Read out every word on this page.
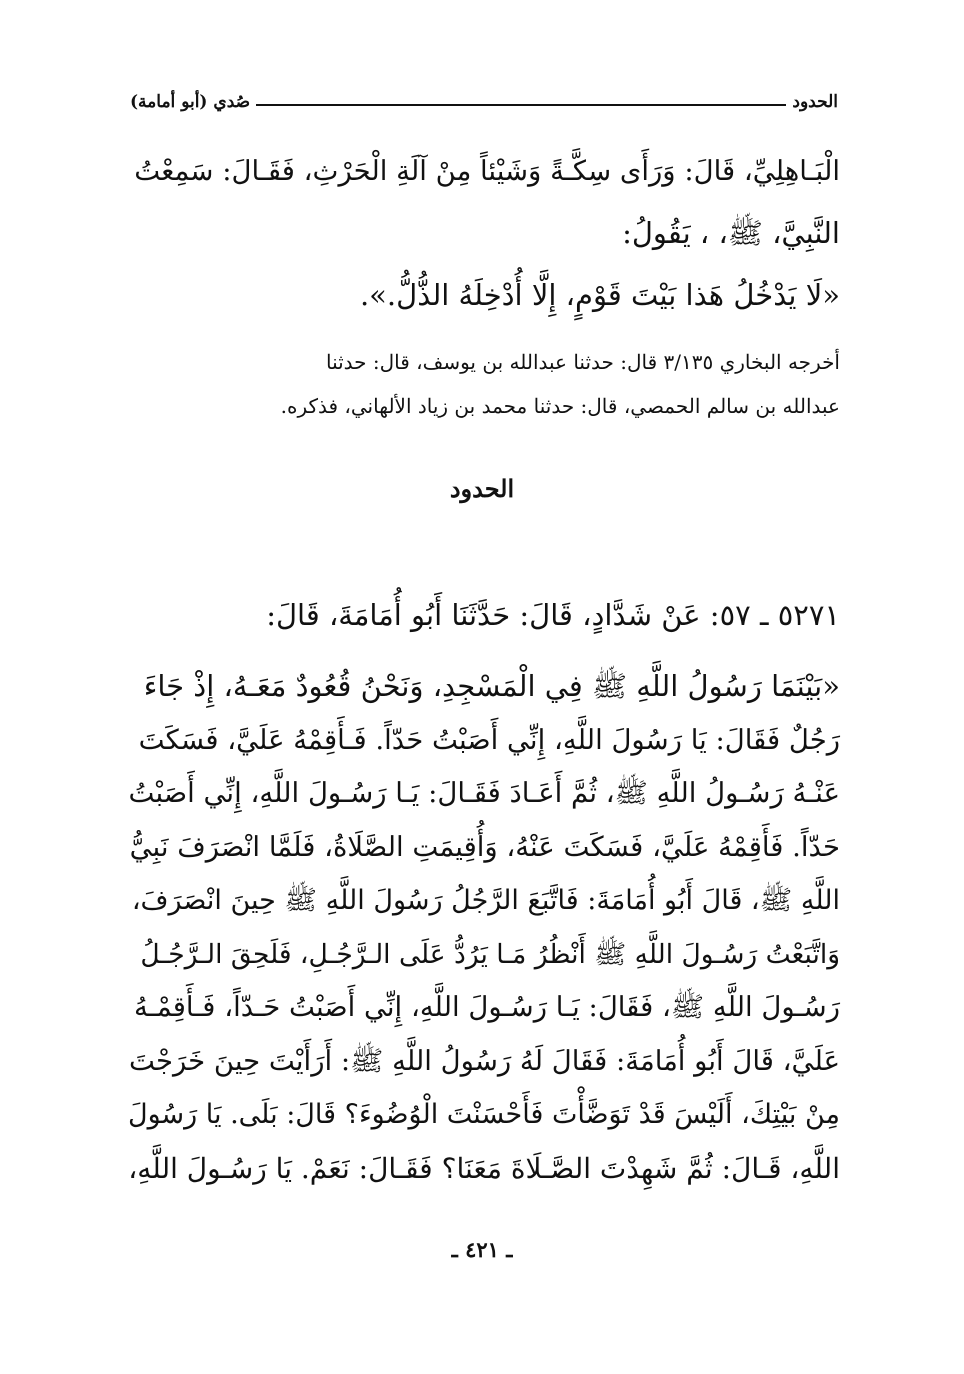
الحدود
صُدي (أبو أمامة)
الْبَـاهِلِيِّ، قَالَ: وَرَأَى سِكَّـةً وَشَيْئاً مِنْ آلَةِ الْحَرْثِ، فَقَـالَ: سَمِعْتُ
النَّبِيَّ، ﷺ، ، يَقُولُ:
«لَا يَدْخُلُ هَذا بَيْتَ قَوْمٍ، إِلَّا أُدْخِلَهُ الذُّلُّ.».
أخرجه البخاري ٣/١٣٥ قال: حدثنا عبدالله بن يوسف، قال: حدثنا
عبدالله بن سالم الحمصي، قال: حدثنا محمد بن زياد الألهاني، فذكره.
الحدود
٥٢٧١ ـ ٥٧: عَنْ شَدَّادٍ، قَالَ: حَدَّثَنَا أَبُو أُمَامَةَ، قَالَ:
«بَيْنَمَا رَسُولُ اللَّهِ ﷺ فِي الْمَسْجِدِ، وَنَحْنُ قُعُودٌ مَعَـهُ، إِذْ جَاءَ
رَجُلٌ فَقَالَ: يَا رَسُولَ اللَّهِ، إِنِّي أَصَبْتُ حَدّاً. فَـأَقِمْهُ عَلَيَّ، فَسَكَتَ
عَنْـهُ رَسُـولُ اللَّهِ ﷺ، ثُمَّ أَعَـادَ فَقَـالَ: يَـا رَسُـولَ اللَّهِ، إِنِّي أَصَبْتُ
حَدّاً. فَأَقِمْهُ عَلَيَّ، فَسَكَتَ عَنْهُ، وَأُقِيمَتِ الصَّلَاةُ، فَلَمَّا انْصَرَفَ نَبِيُّ
اللَّهِ ﷺ، قَالَ أَبُو أُمَامَةَ: فَاتَّبَعَ الرَّجُلُ رَسُولَ اللَّهِ ﷺ حِينَ انْصَرَفَ،
وَاتَّبَعْتُ رَسُـولَ اللَّهِ ﷺ أَنْظُرُ مَـا يَرُدُّ عَلَى الـرَّجُـلِ، فَلَحِقَ الـرَّجُـلُ
رَسُـولَ اللَّهِ ﷺ، فَقَالَ: يَـا رَسُـولَ اللَّهِ، إِنِّي أَصَبْتُ حَـدّاً، فَـأَقِمْـهُ
عَلَيَّ، قَالَ أَبُو أُمَامَةَ: فَقَالَ لَهُ رَسُولُ اللَّهِ ﷺ: أَرَأَيْتَ حِينَ خَرَجْتَ
مِنْ بَيْتِكَ، أَلَيْسَ قَدْ تَوَضَّأْتَ فَأَحْسَنْتَ الْوُضُوءَ؟ قَالَ: بَلَى. يَا رَسُولَ
اللَّهِ، قَـالَ: ثُمَّ شَهِدْتَ الصَّـلَاةَ مَعَنَا؟ فَقَـالَ: نَعَمْ. يَا رَسُـولَ اللَّهِ،
ـ ٤٢١ ـ
